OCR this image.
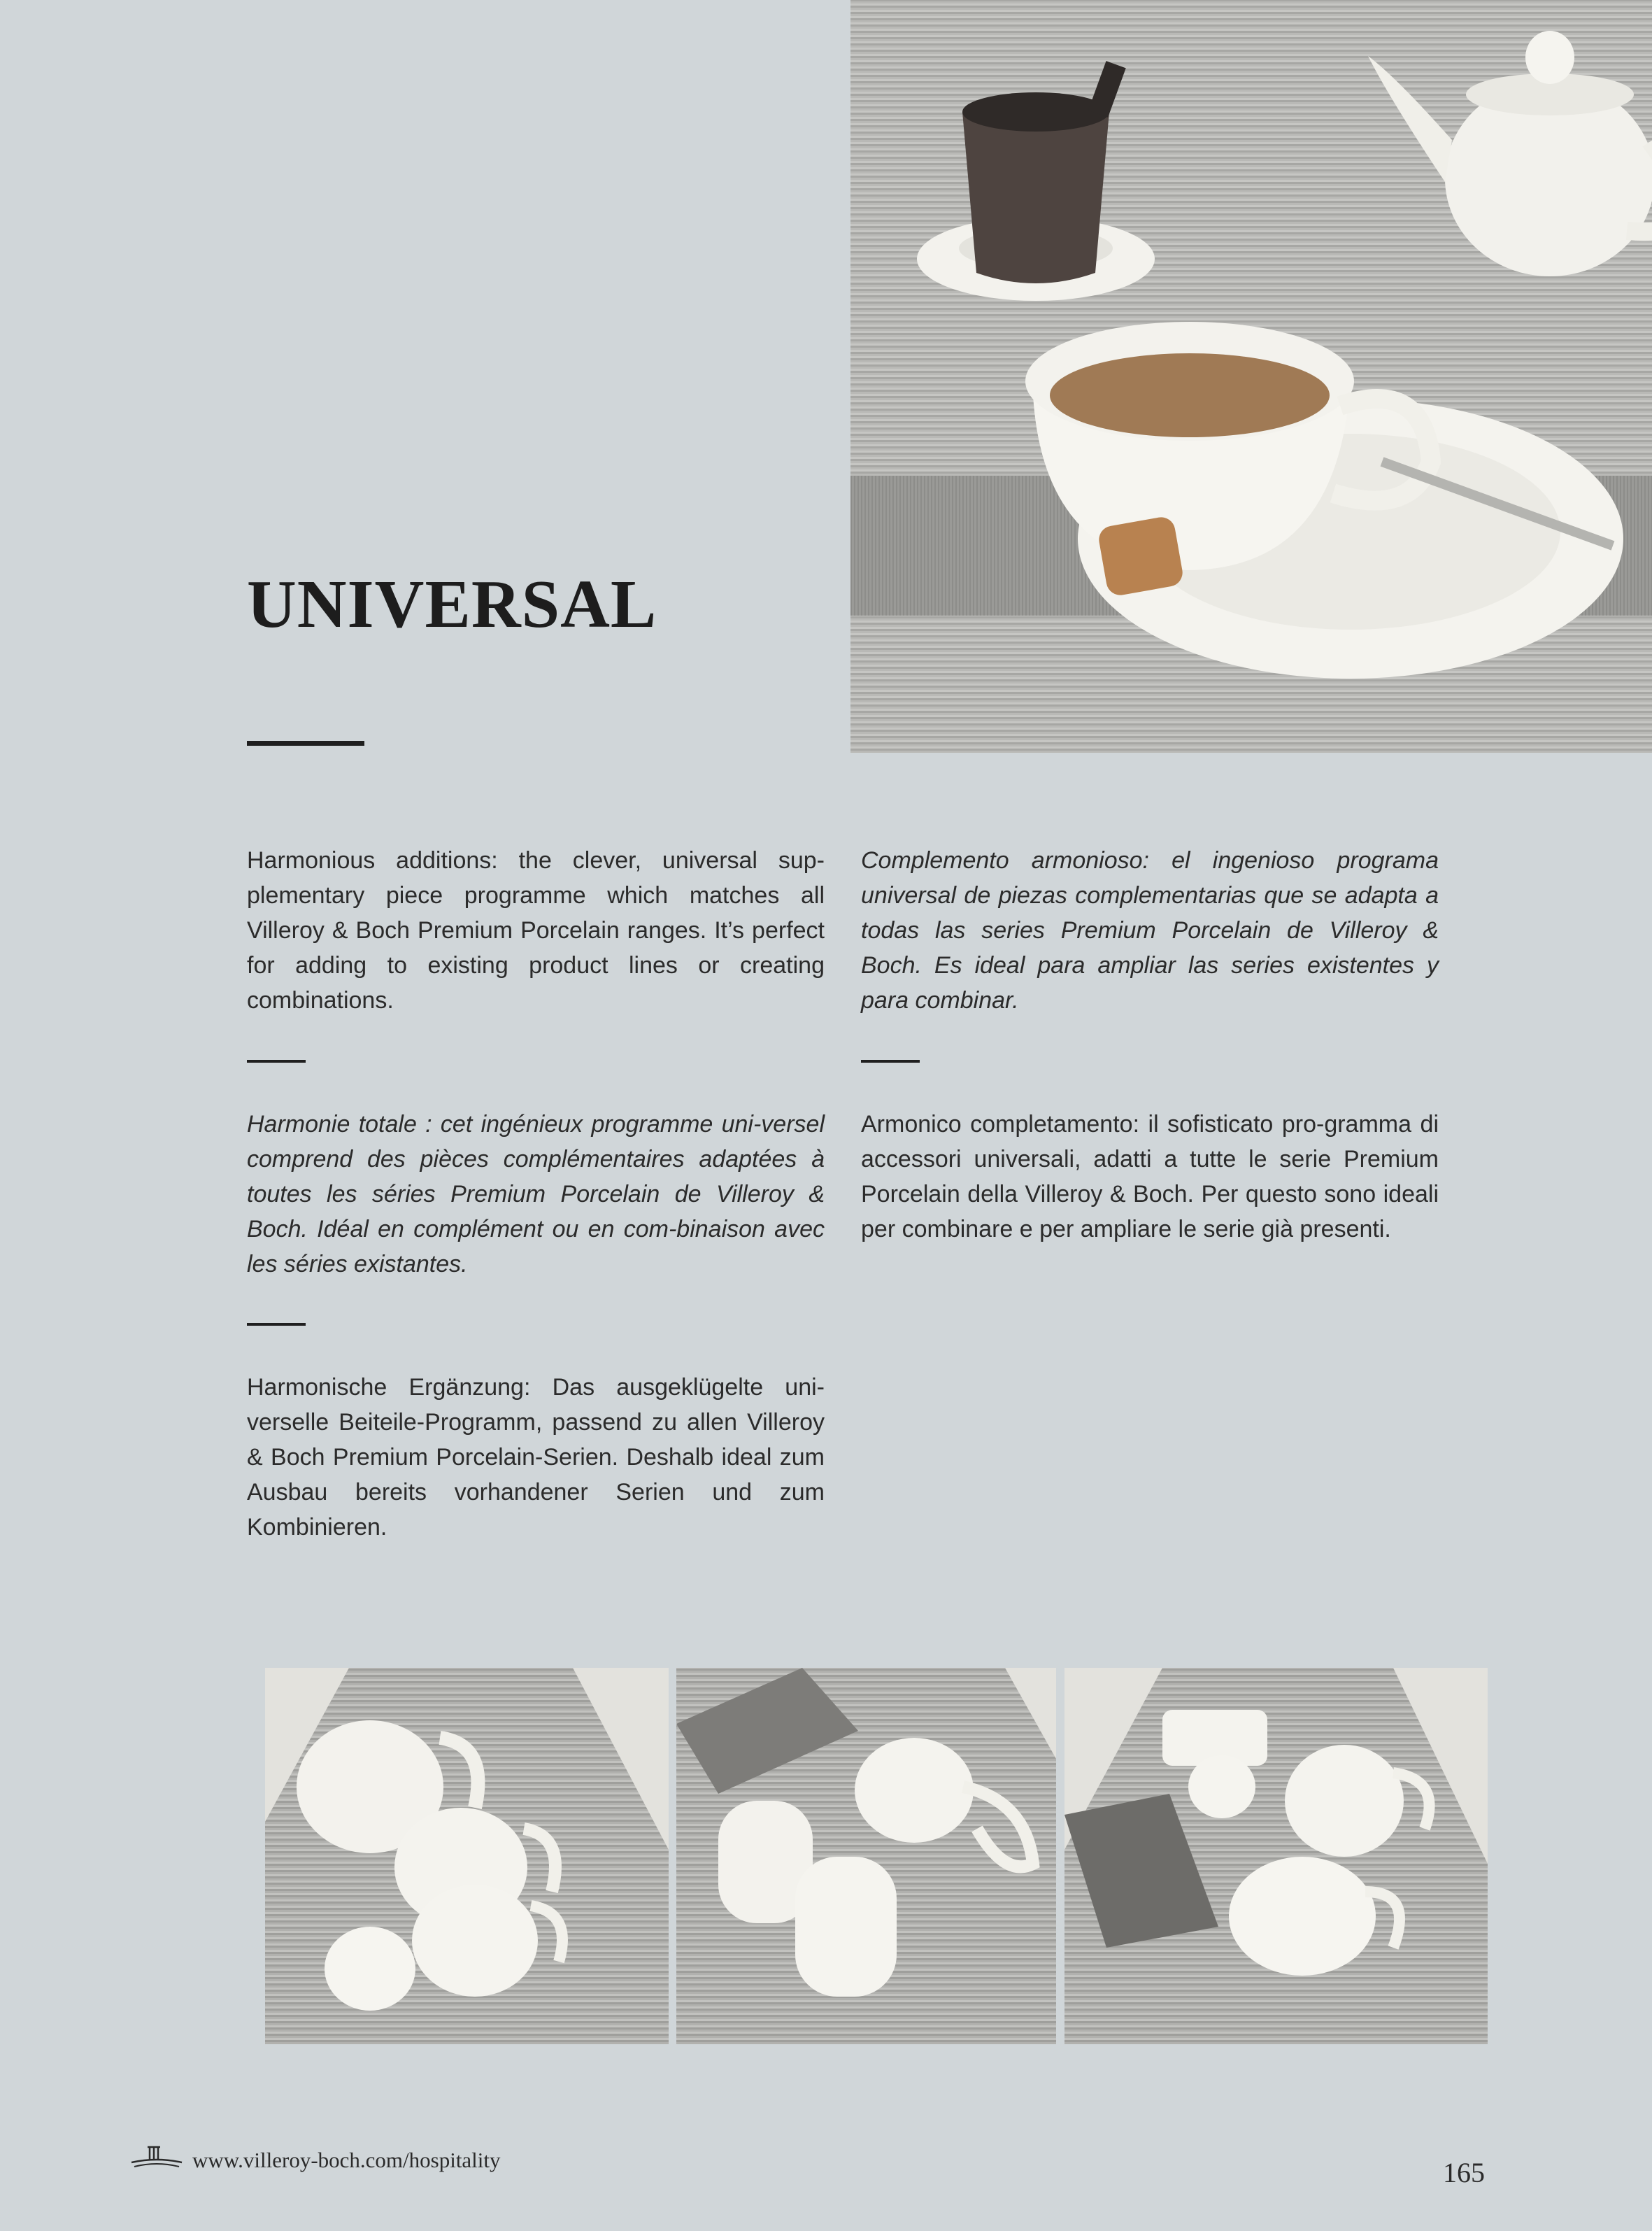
UNIVERSAL

Harmonious additions: the clever, universal sup-plementary piece programme which matches all Villeroy & Boch Premium Porcelain ranges. It’s perfect for adding to existing product lines or creating combinations.

Complemento armonioso: el ingenioso programa universal de piezas complementarias que se adapta a todas las series Premium Porcelain de Villeroy & Boch. Es ideal para ampliar las series existentes y para combinar.

Harmonie totale : cet ingénieux programme uni-versel comprend des pièces complémentaires adaptées à toutes les séries Premium Porcelain de Villeroy & Boch. Idéal en complément ou en com-binaison avec les séries existantes.

Armonico completamento: il sofisticato pro-gramma di accessori universali, adatti a tutte le serie Premium Porcelain della Villeroy & Boch. Per questo sono ideali per combinare e per ampliare le serie già presenti.

Harmonische Ergänzung: Das ausgeklügelte uni-verselle Beiteile-Programm, passend zu allen Villeroy & Boch Premium Porcelain-Serien. Deshalb ideal zum Ausbau bereits vorhandener Serien und zum Kombinieren.

www.villeroy-boch.com/hospitality	165
